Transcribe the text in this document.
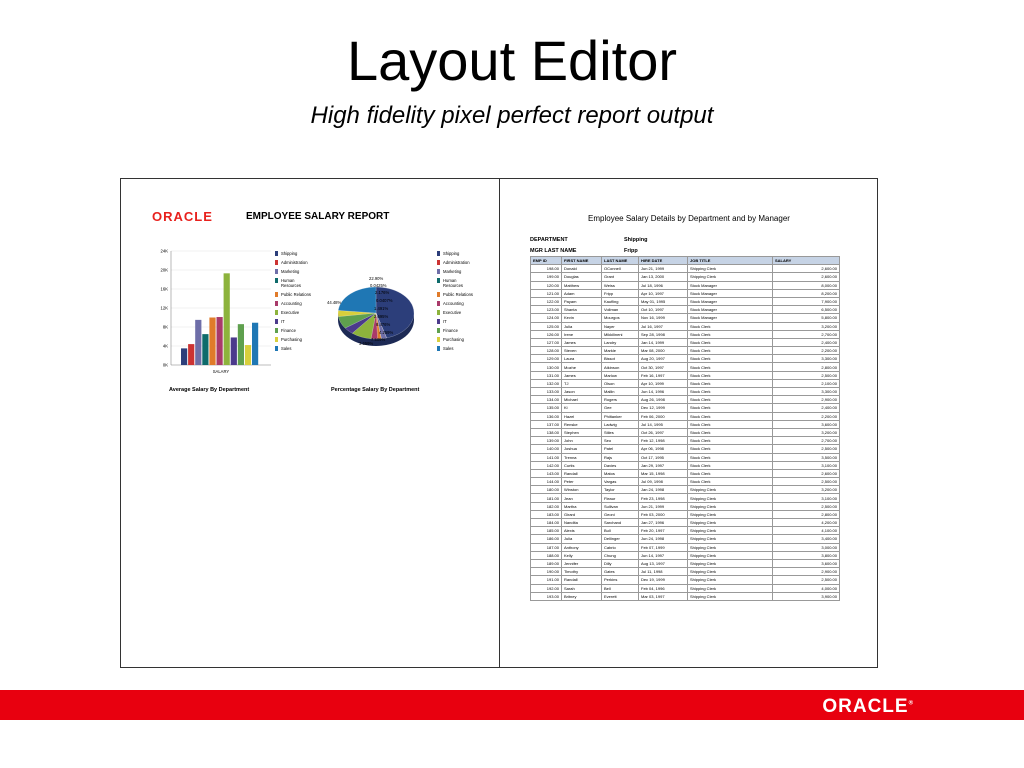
Layout Editor
High fidelity pixel perfect report output
ORACLE	EMPLOYEE SALARY REPORT
0K
4K
8K
12K
16K
20K
24K
SALARY
Shipping
Administration
Marketing
Human Resources
Public Relations
Accounting
Executive
IT
Finance
Purchasing
Sales
44.48%
22.90%
0.0425%
2.176%
0.0407%
1.491%
2.695%
8.476%
4.259%
7.509%
3.659%
Shipping
Administration
Marketing
Human Resources
Public Relations
Accounting
Executive
IT
Finance
Purchasing
Sales
Average Salary By Department	Percentage Salary By Department
Employee Salary Details by Department and by Manager
DEPARTMENT	Shipping
MGR LAST NAME	Fripp
EMP ID	FIRST NAME	LAST NAME	HIRE DATE	JOB TITLE	SALARY
198.00	Donald	OConnell	Jun 21, 1999	Shipping Clerk	2,600.00
199.00	Douglas	Grant	Jan 13, 2000	Shipping Clerk	2,600.00
120.00	Matthew	Weiss	Jul 18, 1996	Stock Manager	8,000.00
121.00	Adam	Fripp	Apr 10, 1997	Stock Manager	8,200.00
122.00	Payam	Kaufling	May 01, 1995	Stock Manager	7,900.00
123.00	Shanta	Vollman	Oct 10, 1997	Stock Manager	6,500.00
124.00	Kevin	Mourgos	Nov 16, 1999	Stock Manager	5,800.00
125.00	Julia	Nayer	Jul 16, 1997	Stock Clerk	3,200.00
126.00	Irene	Mikkilineni	Sep 28, 1998	Stock Clerk	2,700.00
127.00	James	Landry	Jan 14, 1999	Stock Clerk	2,400.00
128.00	Steven	Markle	Mar 08, 2000	Stock Clerk	2,200.00
129.00	Laura	Bissot	Aug 20, 1997	Stock Clerk	3,300.00
130.00	Mozhe	Atkinson	Oct 30, 1997	Stock Clerk	2,800.00
131.00	James	Marlow	Feb 16, 1997	Stock Clerk	2,500.00
132.00	TJ	Olson	Apr 10, 1999	Stock Clerk	2,100.00
133.00	Jason	Mallin	Jun 14, 1996	Stock Clerk	3,300.00
134.00	Michael	Rogers	Aug 26, 1998	Stock Clerk	2,900.00
135.00	Ki	Gee	Dec 12, 1999	Stock Clerk	2,400.00
136.00	Hazel	Philtanker	Feb 06, 2000	Stock Clerk	2,200.00
137.00	Renske	Ladwig	Jul 14, 1995	Stock Clerk	3,600.00
138.00	Stephen	Stiles	Oct 26, 1997	Stock Clerk	3,200.00
139.00	John	Seo	Feb 12, 1998	Stock Clerk	2,700.00
140.00	Joshua	Patel	Apr 06, 1998	Stock Clerk	2,500.00
141.00	Trenna	Rajs	Oct 17, 1995	Stock Clerk	3,500.00
142.00	Curtis	Davies	Jan 29, 1997	Stock Clerk	3,100.00
143.00	Randall	Matos	Mar 15, 1998	Stock Clerk	2,600.00
144.00	Peter	Vargas	Jul 09, 1998	Stock Clerk	2,500.00
180.00	Winston	Taylor	Jan 24, 1998	Shipping Clerk	3,200.00
181.00	Jean	Fleaur	Feb 23, 1998	Shipping Clerk	3,100.00
182.00	Martha	Sullivan	Jun 21, 1999	Shipping Clerk	2,500.00
183.00	Girard	Geoni	Feb 03, 2000	Shipping Clerk	2,800.00
184.00	Nandita	Sarchand	Jan 27, 1996	Shipping Clerk	4,200.00
185.00	Alexis	Bull	Feb 20, 1997	Shipping Clerk	4,100.00
186.00	Julia	Dellinger	Jun 24, 1998	Shipping Clerk	3,400.00
187.00	Anthony	Cabrio	Feb 07, 1999	Shipping Clerk	3,000.00
188.00	Kelly	Chung	Jun 14, 1997	Shipping Clerk	3,800.00
189.00	Jennifer	Dilly	Aug 13, 1997	Shipping Clerk	3,600.00
190.00	Timothy	Gates	Jul 11, 1998	Shipping Clerk	2,900.00
191.00	Randall	Perkins	Dec 19, 1999	Shipping Clerk	2,500.00
192.00	Sarah	Bell	Feb 04, 1996	Shipping Clerk	4,000.00
193.00	Britney	Everett	Mar 03, 1997	Shipping Clerk	3,900.00
ORACLE®
